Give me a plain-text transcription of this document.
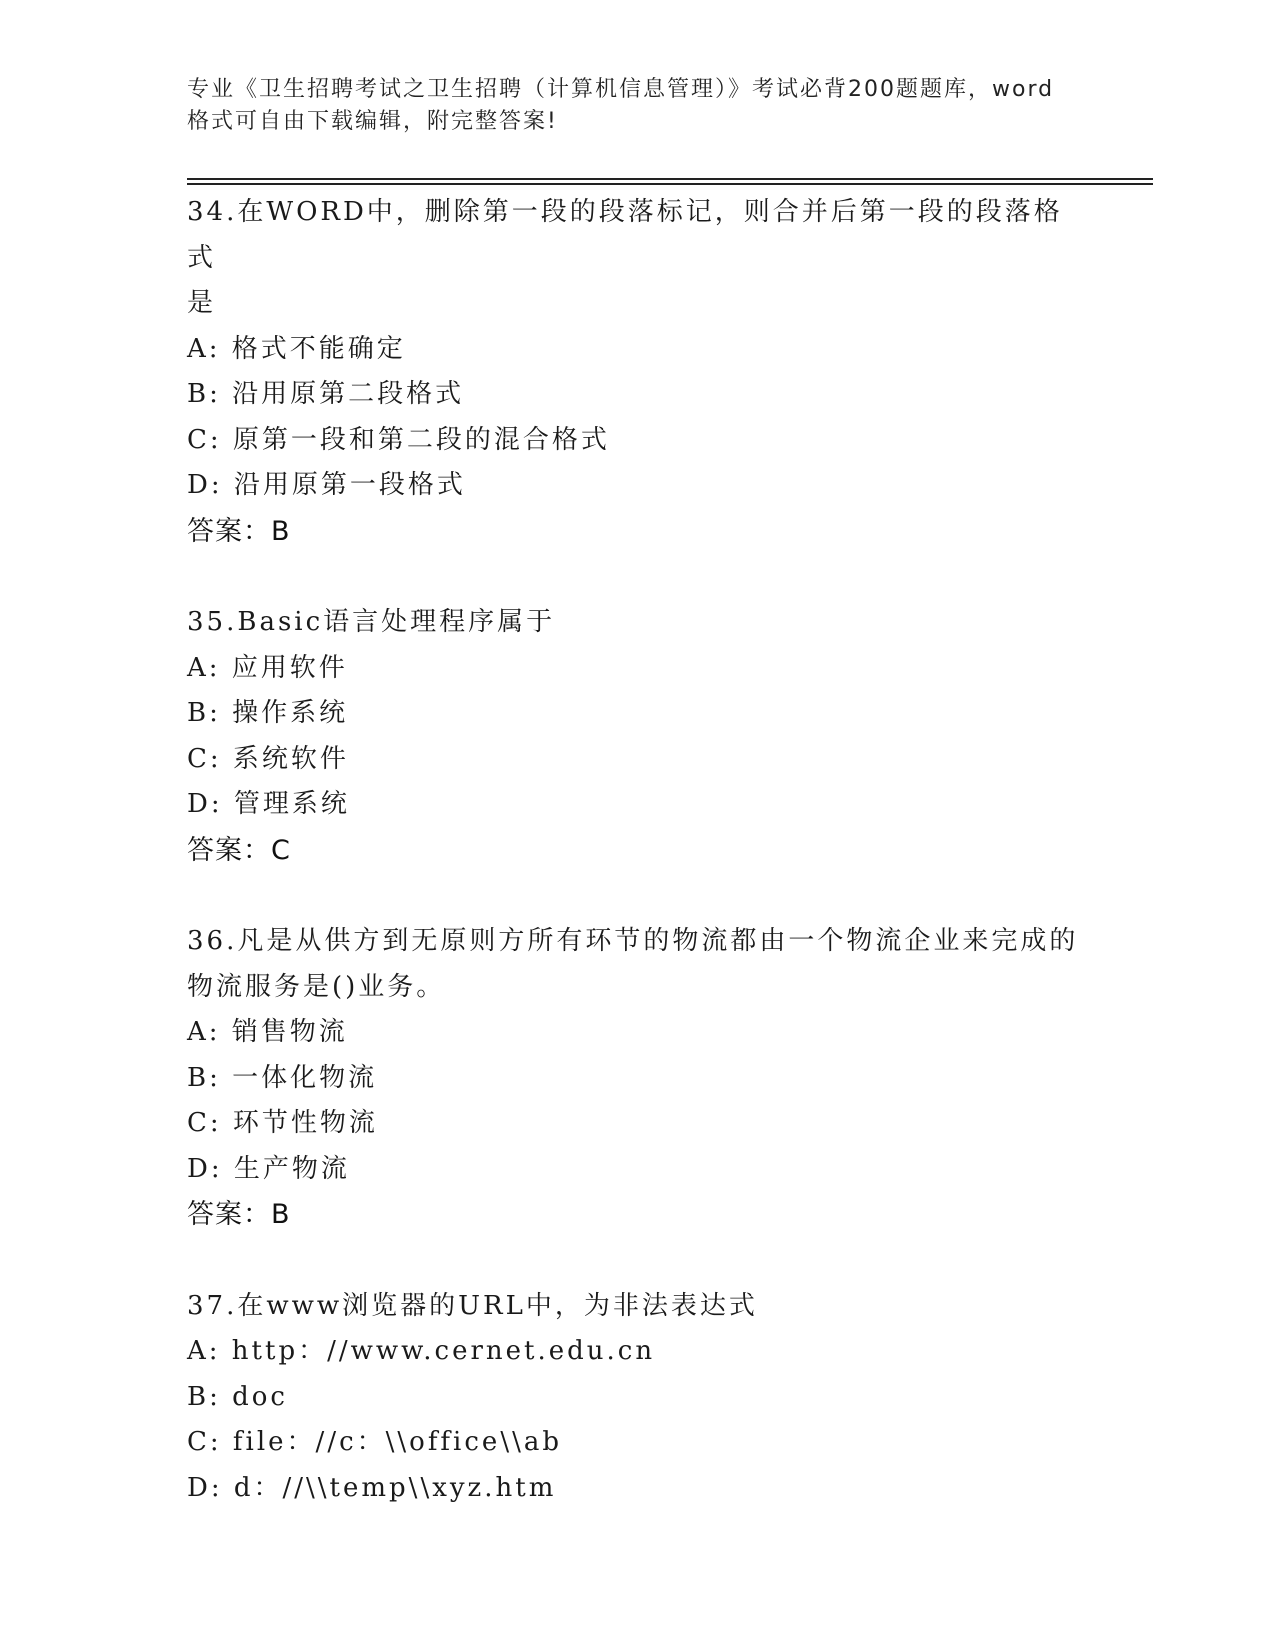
专业《卫生招聘考试之卫生招聘（计算机信息管理）》考试必背200题题库，word
格式可自由下载编辑，附完整答案!
34.在WORD中，删除第一段的段落标记，则合并后第一段的段落格式
是
A: 格式不能确定
B: 沿用原第二段格式
C: 原第一段和第二段的混合格式
D: 沿用原第一段格式
答案：B
35.Basic语言处理程序属于
A: 应用软件
B: 操作系统
C: 系统软件
D: 管理系统
答案：C
36.凡是从供方到无原则方所有环节的物流都由一个物流企业来完成的
物流服务是()业务。
A: 销售物流
B: 一体化物流
C: 环节性物流
D: 生产物流
答案：B
37.在www浏览器的URL中，为非法表达式
A: http：//www.cernet.edu.cn
B: doc
C: file：//c：\\office\\ab
D: d：//\\temp\\xyz.htm
